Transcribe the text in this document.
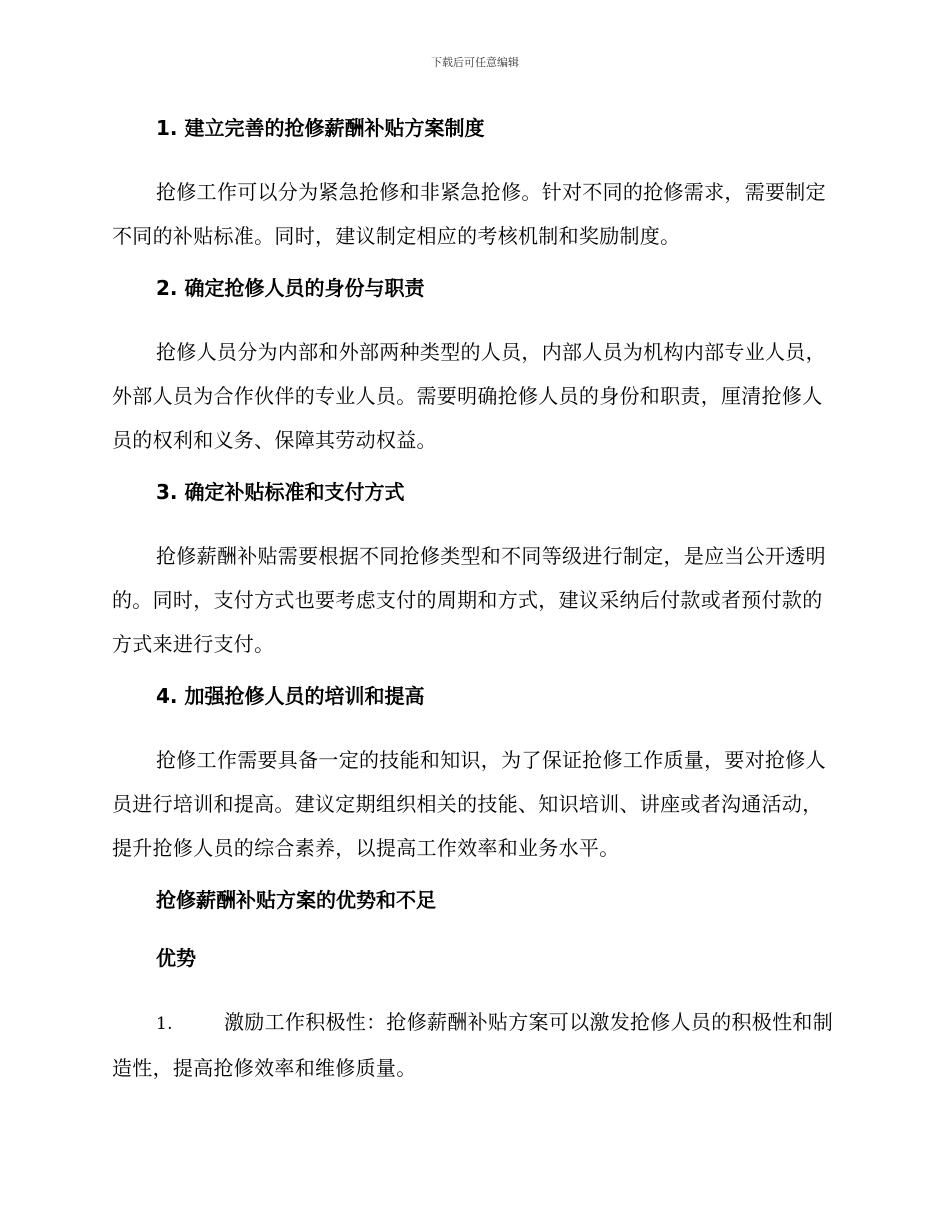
下载后可任意编辑

1. 建立完善的抢修薪酬补贴方案制度

抢修工作可以分为紧急抢修和非紧急抢修。针对不同的抢修需求，需要制定不同的补贴标准。同时，建议制定相应的考核机制和奖励制度。

2. 确定抢修人员的身份与职责

抢修人员分为内部和外部两种类型的人员，内部人员为机构内部专业人员，外部人员为合作伙伴的专业人员。需要明确抢修人员的身份和职责，厘清抢修人员的权利和义务、保障其劳动权益。

3. 确定补贴标准和支付方式

抢修薪酬补贴需要根据不同抢修类型和不同等级进行制定，是应当公开透明的。同时，支付方式也要考虑支付的周期和方式，建议采纳后付款或者预付款的方式来进行支付。

4. 加强抢修人员的培训和提高

抢修工作需要具备一定的技能和知识，为了保证抢修工作质量，要对抢修人员进行培训和提高。建议定期组织相关的技能、知识培训、讲座或者沟通活动，提升抢修人员的综合素养，以提高工作效率和业务水平。

抢修薪酬补贴方案的优势和不足

优势

1.	激励工作积极性：抢修薪酬补贴方案可以激发抢修人员的积极性和制造性，提高抢修效率和维修质量。
